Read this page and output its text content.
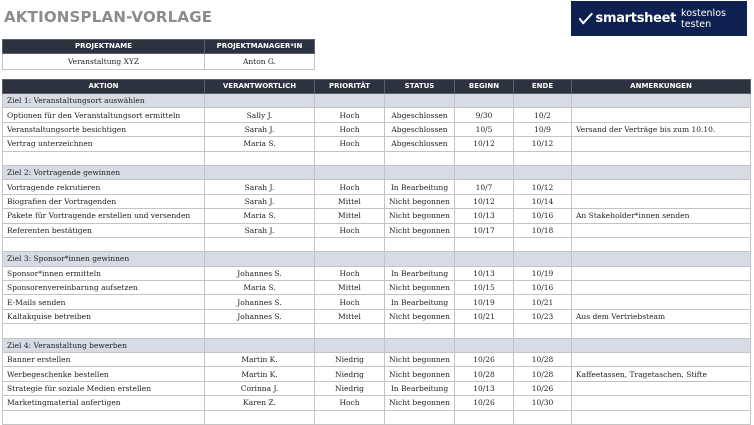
AKTIONSPLAN-VORLAGE	smartsheet kostenlos testen
PROJEKTNAME	PROJEKTMANAGER*IN
Veranstaltung XYZ	Anton G.
AKTION	VERANTWORTLICH	PRIORITÄT	STATUS	BEGINN	ENDE	ANMERKUNGEN
Ziel 1: Veranstaltungsort auswählen						
Optionen für den Veranstaltungsort ermitteln	Sally J.	Hoch	Abgeschlossen	9/30	10/2	
Veranstaltungsorte besichtigen	Sarah J.	Hoch	Abgeschlossen	10/5	10/9	Versand der Verträge bis zum 10.10.
Vertrag unterzeichnen	Maria S.	Hoch	Abgeschlossen	10/12	10/12	

Ziel 2: Vortragende gewinnen						
Vortragende rekrutieren	Sarah J.	Hoch	In Bearbeitung	10/7	10/12	
Biografien der Vortragenden	Sarah J.	Mittel	Nicht begonnen	10/12	10/14	
Pakete für Vortragende erstellen und versenden	Maria S.	Mittel	Nicht begonnen	10/13	10/16	An Stakeholder*innen senden
Referenten bestätigen	Sarah J.	Hoch	Nicht begonnen	10/17	10/18	

Ziel 3: Sponsor*innen gewinnen						
Sponsor*innen ermitteln	Johannes S.	Hoch	In Bearbeitung	10/13	10/19	
Sponsorenvereinbarung aufsetzen	Maria S.	Mittel	Nicht begonnen	10/15	10/16	
E-Mails senden	Johannes S.	Hoch	In Bearbeitung	10/19	10/21	
Kaltakquise betreiben	Johannes S.	Mittel	Nicht begonnen	10/21	10/23	Aus dem Vertriebsteam

Ziel 4: Veranstaltung bewerben						
Banner erstellen	Martin K.	Niedrig	Nicht begonnen	10/26	10/28	
Werbegeschenke bestellen	Martin K.	Niedrig	Nicht begonnen	10/28	10/28	Kaffeetassen, Tragetaschen, Stifte
Strategie für soziale Medien erstellen	Corinna J.	Niedrig	In Bearbeitung	10/13	10/26	
Marketingmaterial anfertigen	Karen Z.	Hoch	Nicht begonnen	10/26	10/30	
